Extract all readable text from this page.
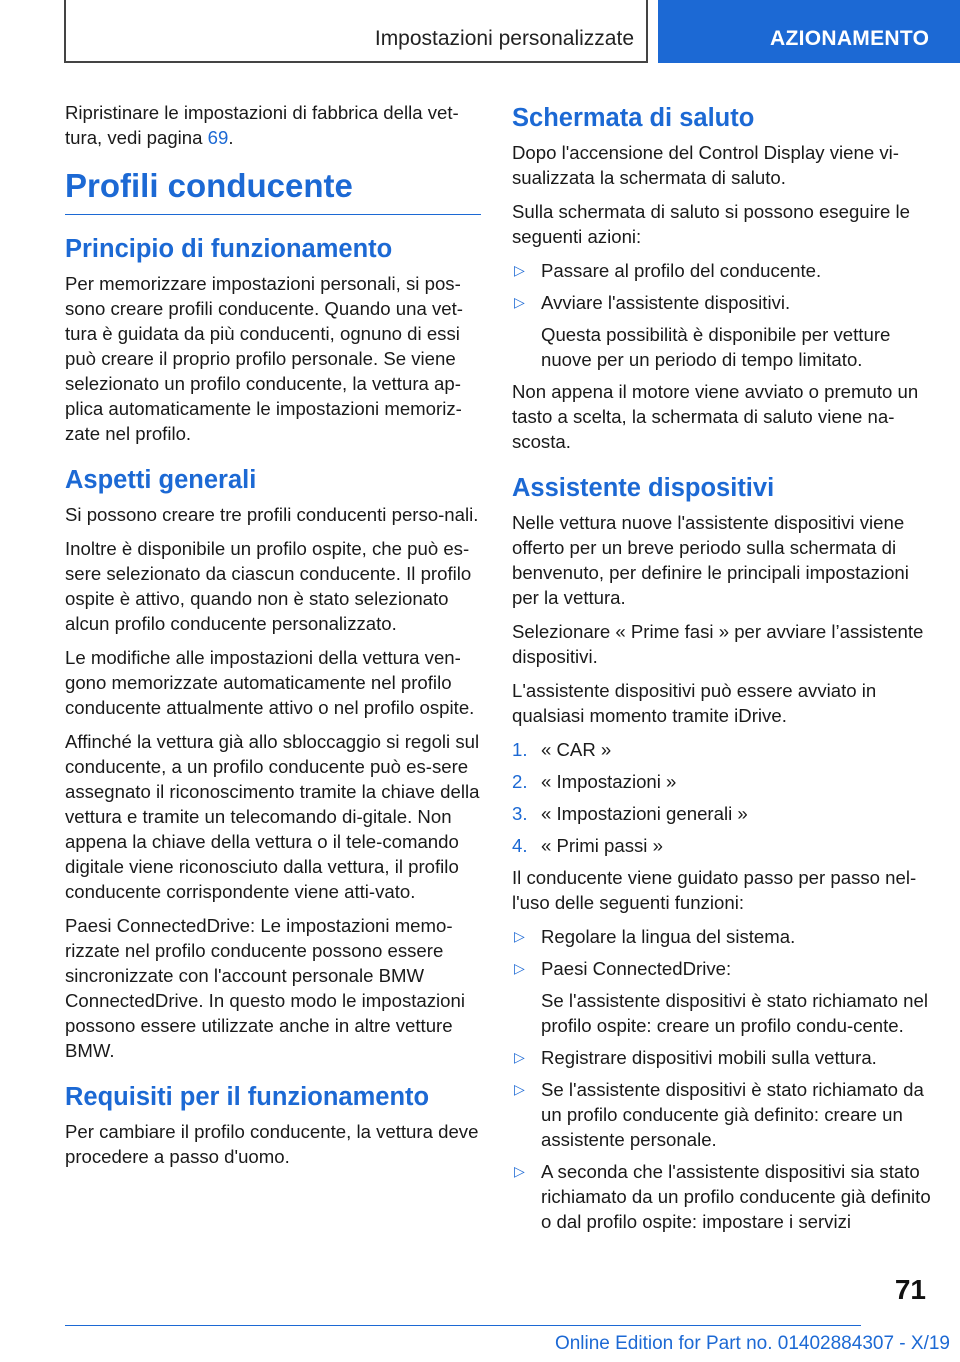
Impostazioni personalizzate	AZIONAMENTO

Ripristinare le impostazioni di fabbrica della vet-tura, vedi pagina 69.

Profili conducente
Principio di funzionamento

Per memorizzare impostazioni personali, si pos-sono creare profili conducente. Quando una vet-tura è guidata da più conducenti, ognuno di essi può creare il proprio profilo personale. Se viene selezionato un profilo conducente, la vettura ap-plica automaticamente le impostazioni memoriz-zate nel profilo.

Aspetti generali

Si possono creare tre profili conducenti perso-nali.

Inoltre è disponibile un profilo ospite, che può es-sere selezionato da ciascun conducente. Il profilo ospite è attivo, quando non è stato selezionato alcun profilo conducente personalizzato.

Le modifiche alle impostazioni della vettura ven-gono memorizzate automaticamente nel profilo conducente attualmente attivo o nel profilo ospite.

Affinché la vettura già allo sbloccaggio si regoli sul conducente, a un profilo conducente può es-sere assegnato il riconoscimento tramite la chiave della vettura e tramite un telecomando di-gitale. Non appena la chiave della vettura o il tele-comando digitale viene riconosciuto dalla vettura, il profilo conducente corrispondente viene atti-vato.

Paesi ConnectedDrive: Le impostazioni memo-rizzate nel profilo conducente possono essere sincronizzate con l'account personale BMW ConnectedDrive. In questo modo le impostazioni possono essere utilizzate anche in altre vetture BMW.

Requisiti per il funzionamento

Per cambiare il profilo conducente, la vettura deve procedere a passo d'uomo.

Schermata di saluto

Dopo l'accensione del Control Display viene vi-sualizzata la schermata di saluto.

Sulla schermata di saluto si possono eseguire le seguenti azioni:

▷ Passare al profilo del conducente.
▷ Avviare l'assistente dispositivi.
Questa possibilità è disponibile per vetture nuove per un periodo di tempo limitato.

Non appena il motore viene avviato o premuto un tasto a scelta, la schermata di saluto viene na-scosta.

Assistente dispositivi

Nelle vettura nuove l'assistente dispositivi viene offerto per un breve periodo sulla schermata di benvenuto, per definire le principali impostazioni per la vettura.

Selezionare « Prime fasi » per avviare l’assistente dispositivi.

L'assistente dispositivi può essere avviato in qualsiasi momento tramite iDrive.

1. « CAR »
2. « Impostazioni »
3. « Impostazioni generali »
4. « Primi passi »

Il conducente viene guidato passo per passo nel-l'uso delle seguenti funzioni:

▷ Regolare la lingua del sistema.
▷ Paesi ConnectedDrive:
Se l'assistente dispositivi è stato richiamato nel profilo ospite: creare un profilo condu-cente.
▷ Registrare dispositivi mobili sulla vettura.
▷ Se l'assistente dispositivi è stato richiamato da un profilo conducente già definito: creare un assistente personale.
▷ A seconda che l'assistente dispositivi sia stato richiamato da un profilo conducente già definito o dal profilo ospite: impostare i servizi
71
Online Edition for Part no. 01402884307 - X/19
